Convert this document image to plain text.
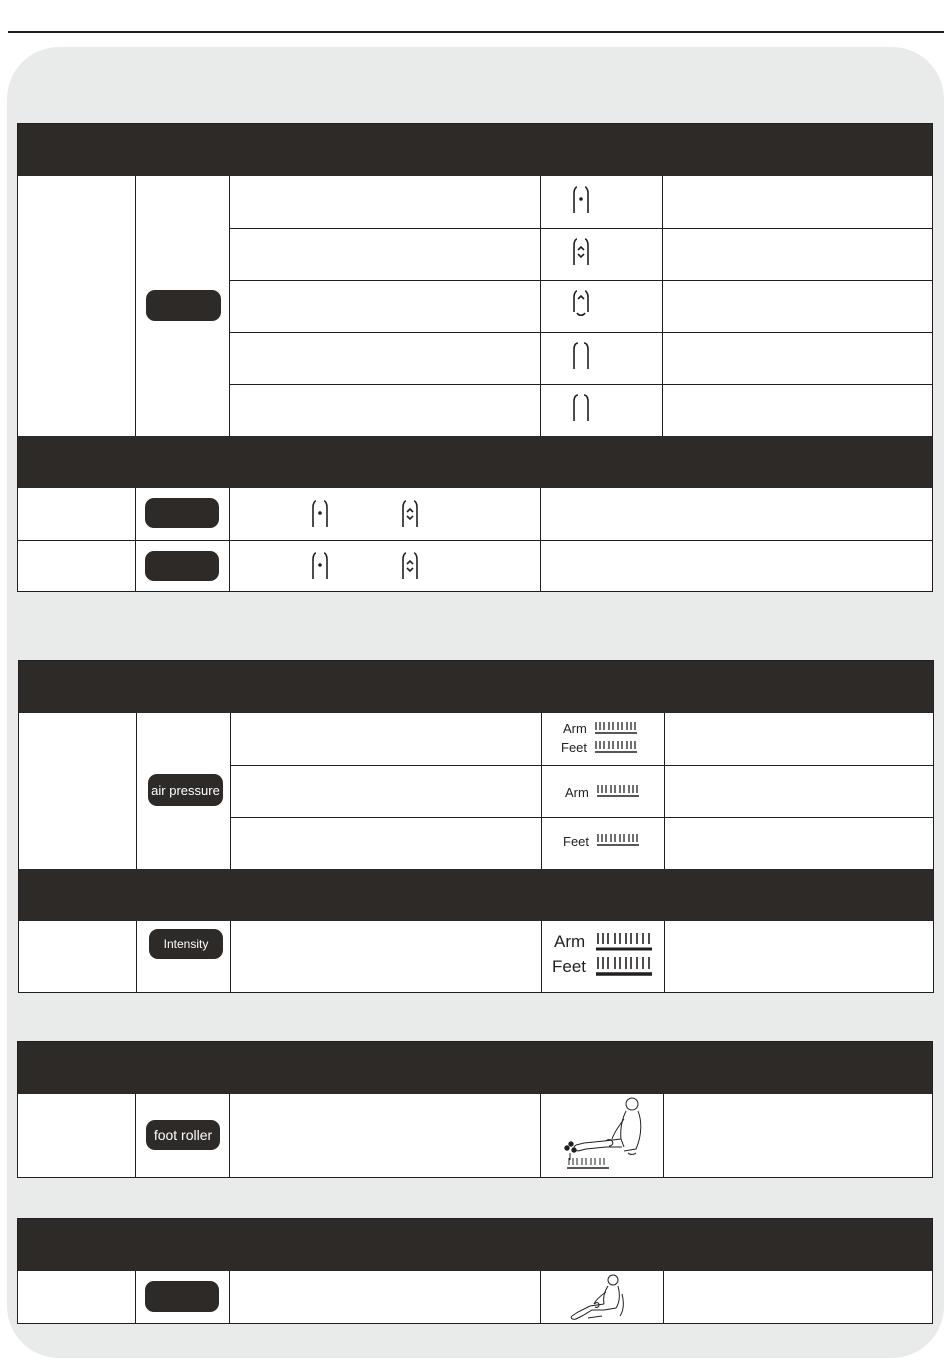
air pressure
Intensity
Arm
Feet
Arm
Feet
Arm
Feet
foot roller
